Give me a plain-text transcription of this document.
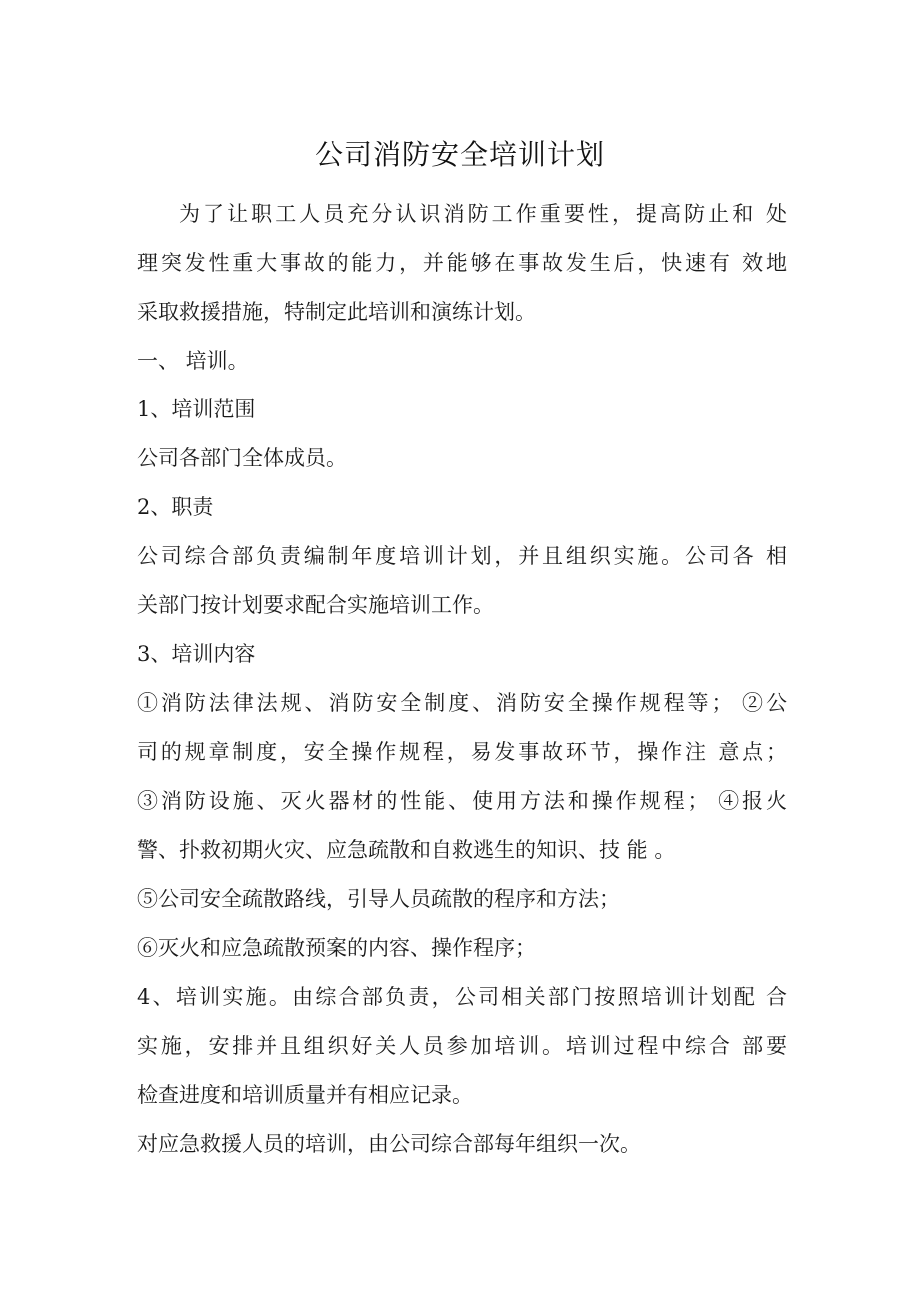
公司消防安全培训计划
为了让职工人员充分认识消防工作重要性，提高防止和 处
理突发性重大事故的能力，并能够在事故发生后，快速有 效地
采取救援措施，特制定此培训和演练计划。
一、 培训。
1、培训范围
公司各部门全体成员。
2、职责
公司综合部负责编制年度培训计划，并且组织实施。公司各 相
关部门按计划要求配合实施培训工作。
3、培训内容
①消防法律法规、消防安全制度、消防安全操作规程等； ②公
司的规章制度，安全操作规程，易发事故环节，操作注 意点；
③消防设施、灭火器材的性能、使用方法和操作规程； ④报火
警、扑救初期火灾、应急疏散和自救逃生的知识、技 能 。
⑤公司安全疏散路线，引导人员疏散的程序和方法；
⑥灭火和应急疏散预案的内容、操作程序；
4、培训实施。由综合部负责，公司相关部门按照培训计划配 合
实施，安排并且组织好关人员参加培训。培训过程中综合 部要
检查进度和培训质量并有相应记录。
对应急救援人员的培训，由公司综合部每年组织一次。
